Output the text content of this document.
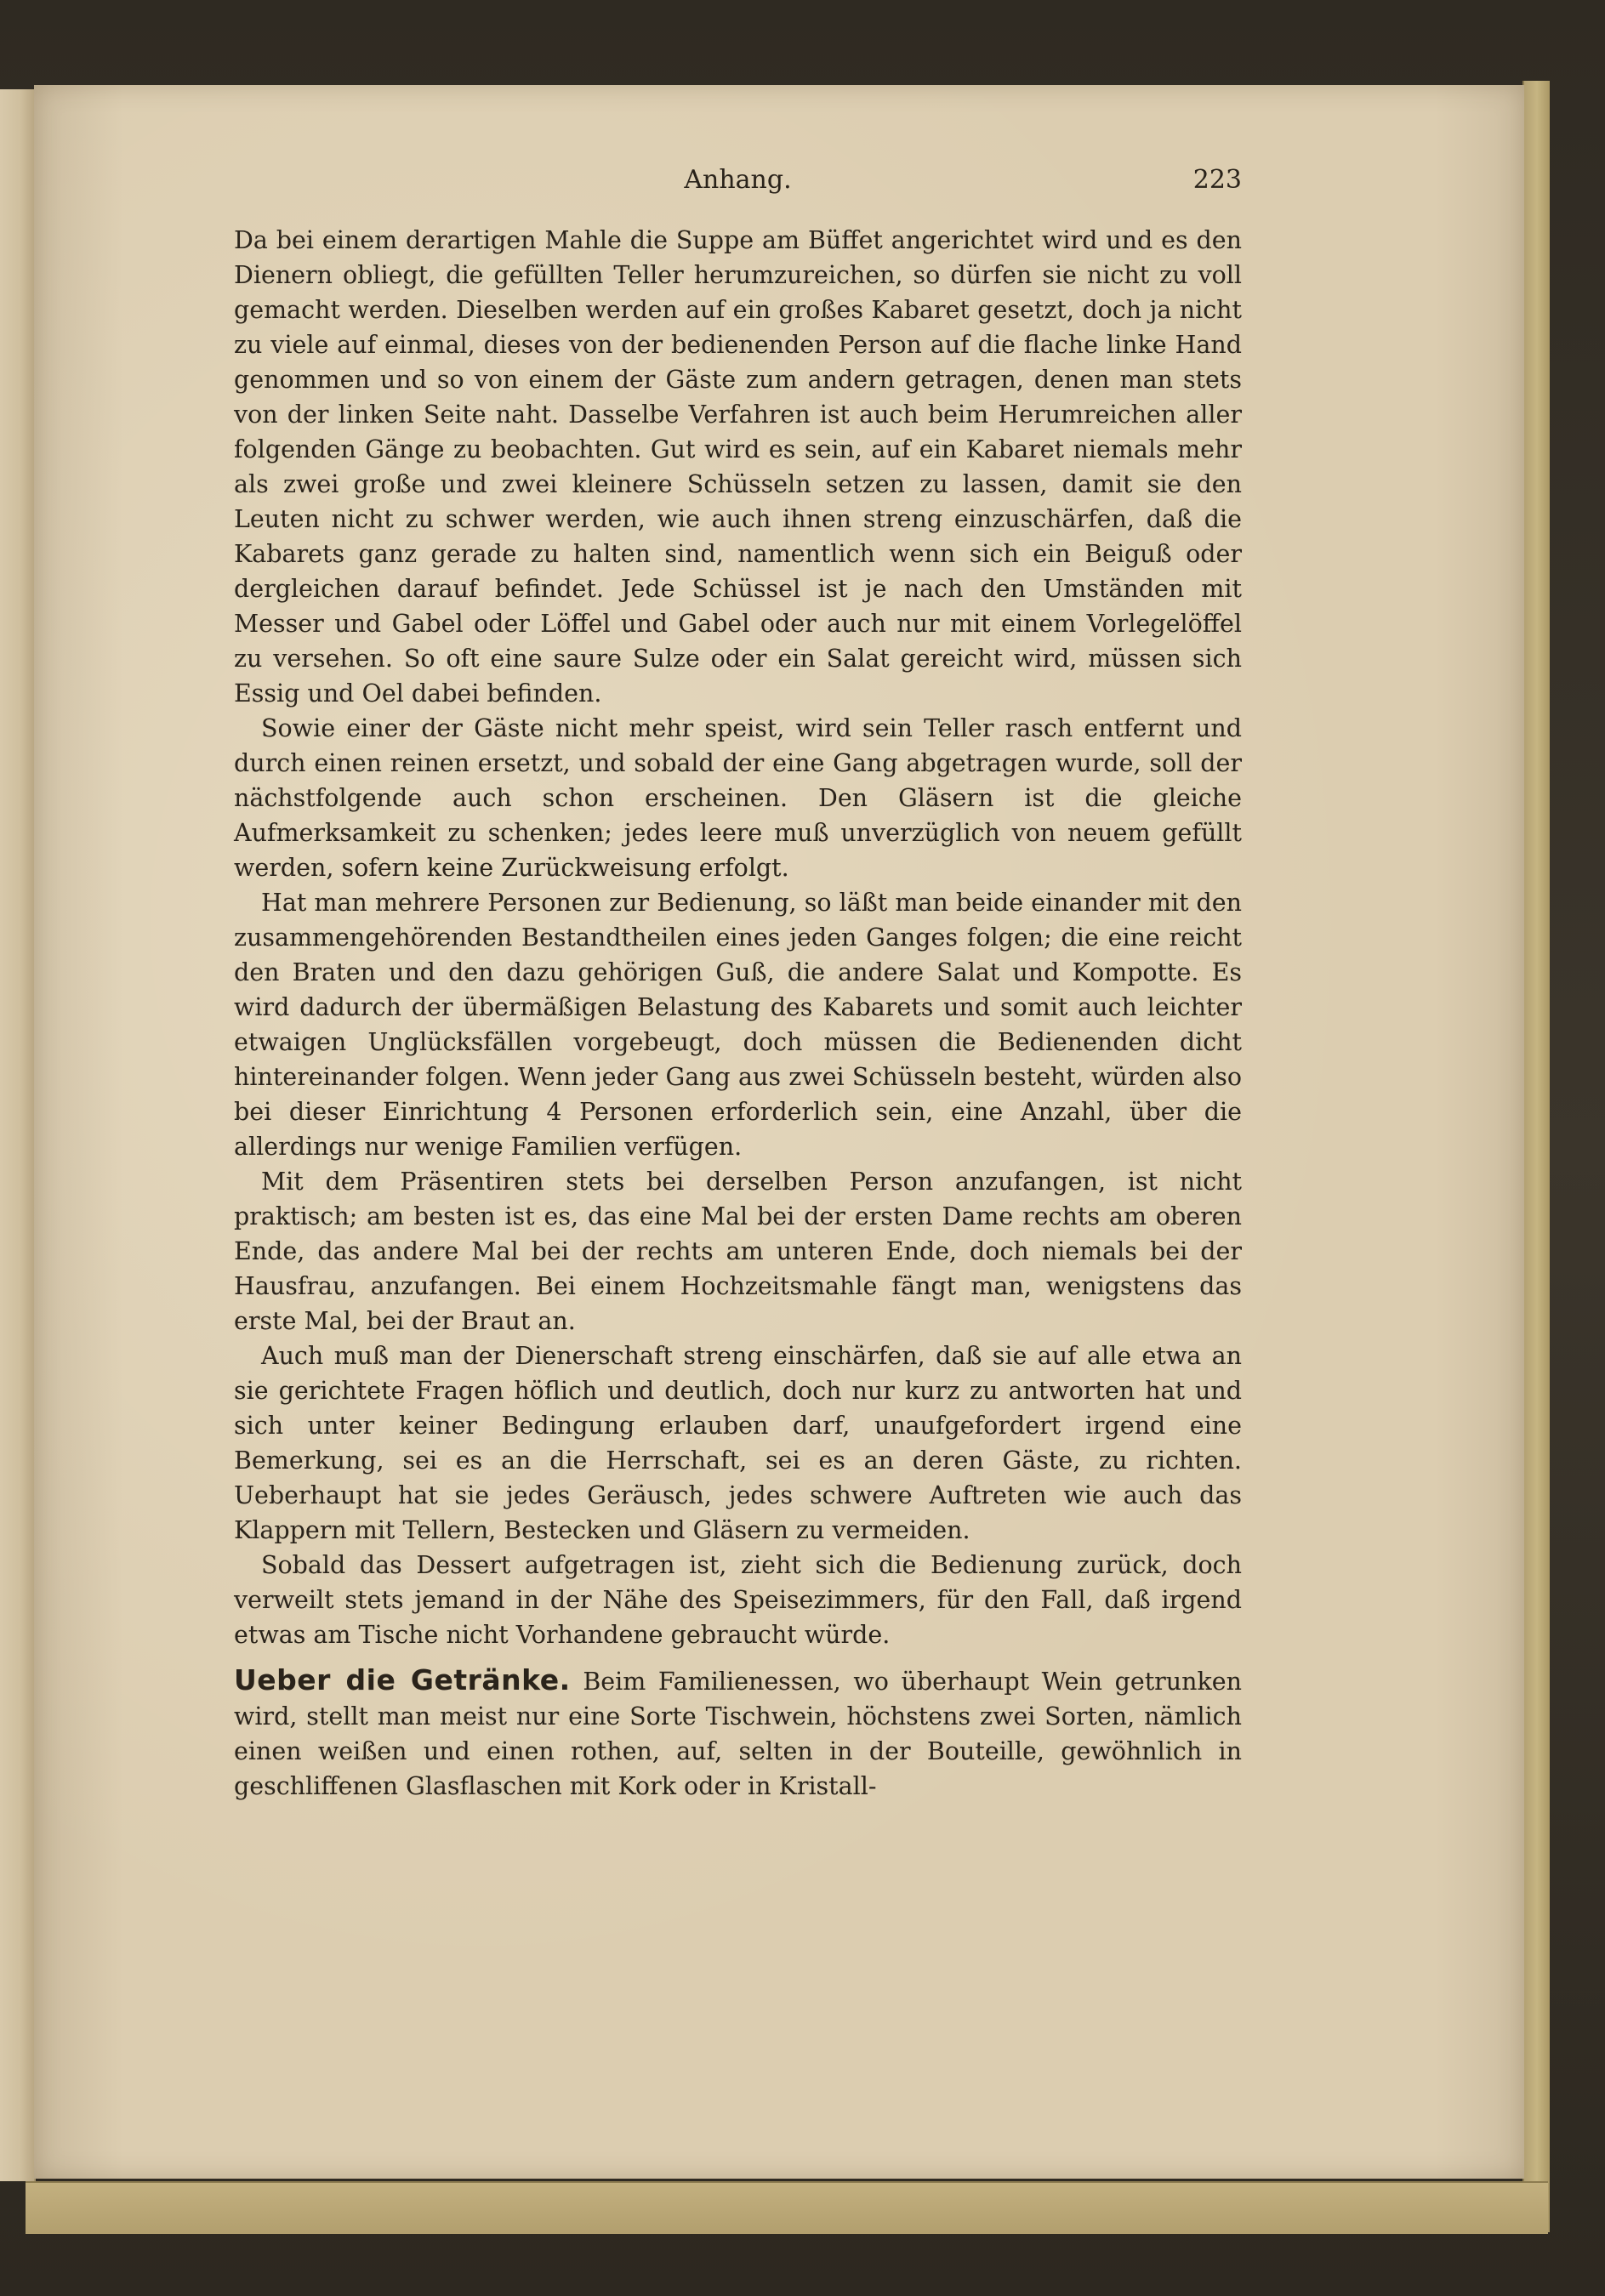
Anhang.	223

Da bei einem derartigen Mahle die Suppe am Büffet angerichtet wird und es den Dienern obliegt, die gefüllten Teller herumzureichen, so dürfen sie nicht zu voll gemacht werden. Dieselben werden auf ein großes Kabaret gesetzt, doch ja nicht zu viele auf einmal, dieses von der bedienenden Person auf die flache linke Hand genommen und so von einem der Gäste zum andern getragen, denen man stets von der linken Seite naht. Dasselbe Verfahren ist auch beim Herumreichen aller folgenden Gänge zu beobachten. Gut wird es sein, auf ein Kabaret niemals mehr als zwei große und zwei kleinere Schüsseln setzen zu lassen, damit sie den Leuten nicht zu schwer werden, wie auch ihnen streng einzuschärfen, daß die Kabarets ganz gerade zu halten sind, namentlich wenn sich ein Beiguß oder dergleichen darauf befindet. Jede Schüssel ist je nach den Umständen mit Messer und Gabel oder Löffel und Gabel oder auch nur mit einem Vorlegelöffel zu versehen. So oft eine saure Sulze oder ein Salat gereicht wird, müssen sich Essig und Oel dabei befinden.

Sowie einer der Gäste nicht mehr speist, wird sein Teller rasch entfernt und durch einen reinen ersetzt, und sobald der eine Gang abgetragen wurde, soll der nächstfolgende auch schon erscheinen. Den Gläsern ist die gleiche Aufmerksamkeit zu schenken; jedes leere muß unverzüglich von neuem gefüllt werden, sofern keine Zurückweisung erfolgt.

Hat man mehrere Personen zur Bedienung, so läßt man beide einander mit den zusammengehörenden Bestandtheilen eines jeden Ganges folgen; die eine reicht den Braten und den dazu gehörigen Guß, die andere Salat und Kompotte. Es wird dadurch der übermäßigen Belastung des Kabarets und somit auch leichter etwaigen Unglücksfällen vorgebeugt, doch müssen die Bedienenden dicht hintereinander folgen. Wenn jeder Gang aus zwei Schüsseln besteht, würden also bei dieser Einrichtung 4 Personen erforderlich sein, eine Anzahl, über die allerdings nur wenige Familien verfügen.

Mit dem Präsentiren stets bei derselben Person anzufangen, ist nicht praktisch; am besten ist es, das eine Mal bei der ersten Dame rechts am oberen Ende, das andere Mal bei der rechts am unteren Ende, doch niemals bei der Hausfrau, anzufangen. Bei einem Hochzeitsmahle fängt man, wenigstens das erste Mal, bei der Braut an.

Auch muß man der Dienerschaft streng einschärfen, daß sie auf alle etwa an sie gerichtete Fragen höflich und deutlich, doch nur kurz zu antworten hat und sich unter keiner Bedingung erlauben darf, unaufgefordert irgend eine Bemerkung, sei es an die Herrschaft, sei es an deren Gäste, zu richten. Ueberhaupt hat sie jedes Geräusch, jedes schwere Auftreten wie auch das Klappern mit Tellern, Bestecken und Gläsern zu vermeiden.

Sobald das Dessert aufgetragen ist, zieht sich die Bedienung zurück, doch verweilt stets jemand in der Nähe des Speisezimmers, für den Fall, daß irgend etwas am Tische nicht Vorhandene gebraucht würde.

Ueber die Getränke. Beim Familienessen, wo überhaupt Wein getrunken wird, stellt man meist nur eine Sorte Tischwein, höchstens zwei Sorten, nämlich einen weißen und einen rothen, auf, selten in der Bouteille, gewöhnlich in geschliffenen Glasflaschen mit Kork oder in Kristall-
